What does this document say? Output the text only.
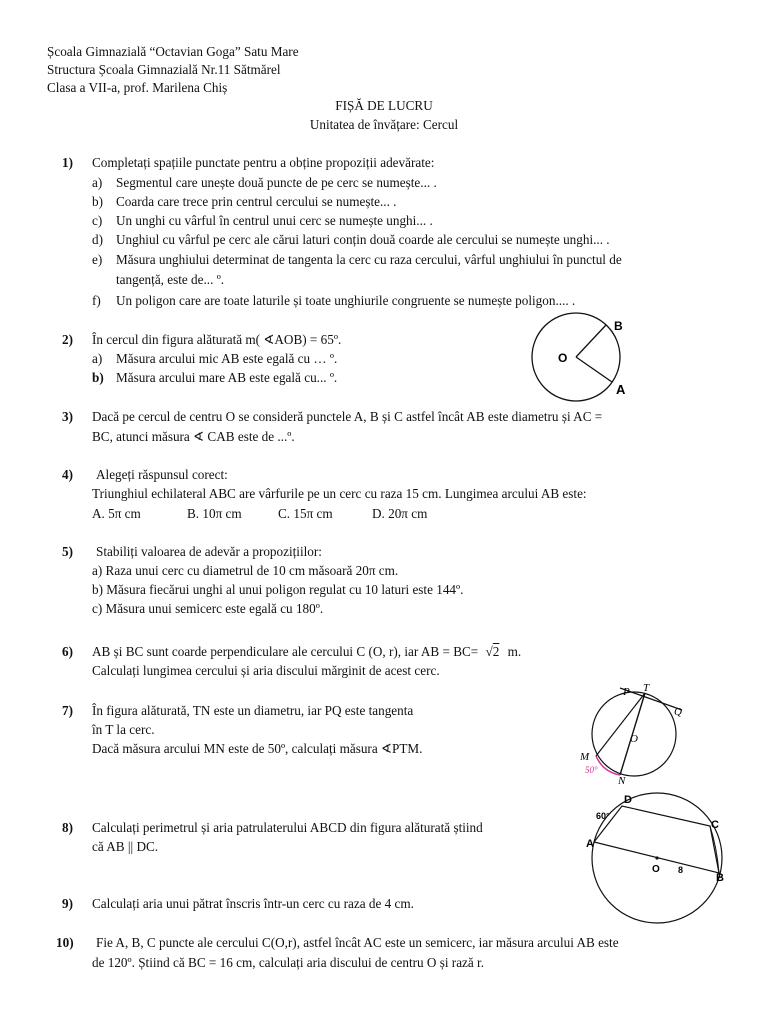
Școala Gimnazială “Octavian Goga” Satu Mare
Structura Școala Gimnazială Nr.11 Sătmărel
Clasa a VII-a, prof. Marilena Chiș
FIȘĂ DE LUCRU
Unitatea de învățare: Cercul
1) Completați spațiile punctate pentru a obține propoziții adevărate:
a) Segmentul care unește două puncte de pe cerc se numește... .
b) Coarda care trece prin centrul cercului se numește... .
c) Un unghi cu vârful în centrul unui cerc se numește unghi... .
d) Unghiul cu vârful pe cerc ale cărui laturi conțin două coarde ale cercului se numește unghi... .
e) Măsura unghiului determinat de tangenta la cerc cu raza cercului, vârful unghiului în punctul de
tangență, este de... º.
f) Un poligon care are toate laturile și toate unghiurile congruente se numește poligon.... .
2) În cercul din figura alăturată m( ∢AOB) = 65º.
a) Măsura arcului mic AB este egală cu … º.
b) Măsura arcului mare AB este egală cu... º.
O
B
A
3) Dacă pe cercul de centru O se consideră punctele A, B și C astfel încât AB este diametru și AC =
BC, atunci măsura ∢ CAB este de ...º.
4) Alegeți răspunsul corect:
Triunghiul echilateral ABC are vârfurile pe un cerc cu raza 15 cm. Lungimea arcului AB este:
A. 5π cm	B. 10π cm	C. 15π cm	D. 20π cm
5) Stabiliți valoarea de adevăr a propozițiilor:
a) Raza unui cerc cu diametrul de 10 cm măsoară 20π cm.
b) Măsura fiecărui unghi al unui poligon regulat cu 10 laturi este 144º.
c) Măsura unui semicerc este egală cu 180º.
6) AB și BC sunt coarde perpendiculare ale cercului C (O, r), iar AB = BC= √2 m.
Calculați lungimea cercului și aria discului mărginit de acest cerc.
7) În figura alăturată, TN este un diametru, iar PQ este tangenta
în T la cerc.
Dacă măsura arcului MN este de 50º, calculați măsura ∢PTM.
P T
Q
O
M
N
50°
8) Calculați perimetrul și aria patrulaterului ABCD din figura alăturată știind
că AB || DC.	A
B
C
D
O
60°
8
9) Calculați aria unui pătrat înscris într-un cerc cu raza de 4 cm.
10) Fie A, B, C puncte ale cercului C(O,r), astfel încât AC este un semicerc, iar măsura arcului AB este
de 120º. Știind că BC = 16 cm, calculați aria discului de centru O și rază r.
